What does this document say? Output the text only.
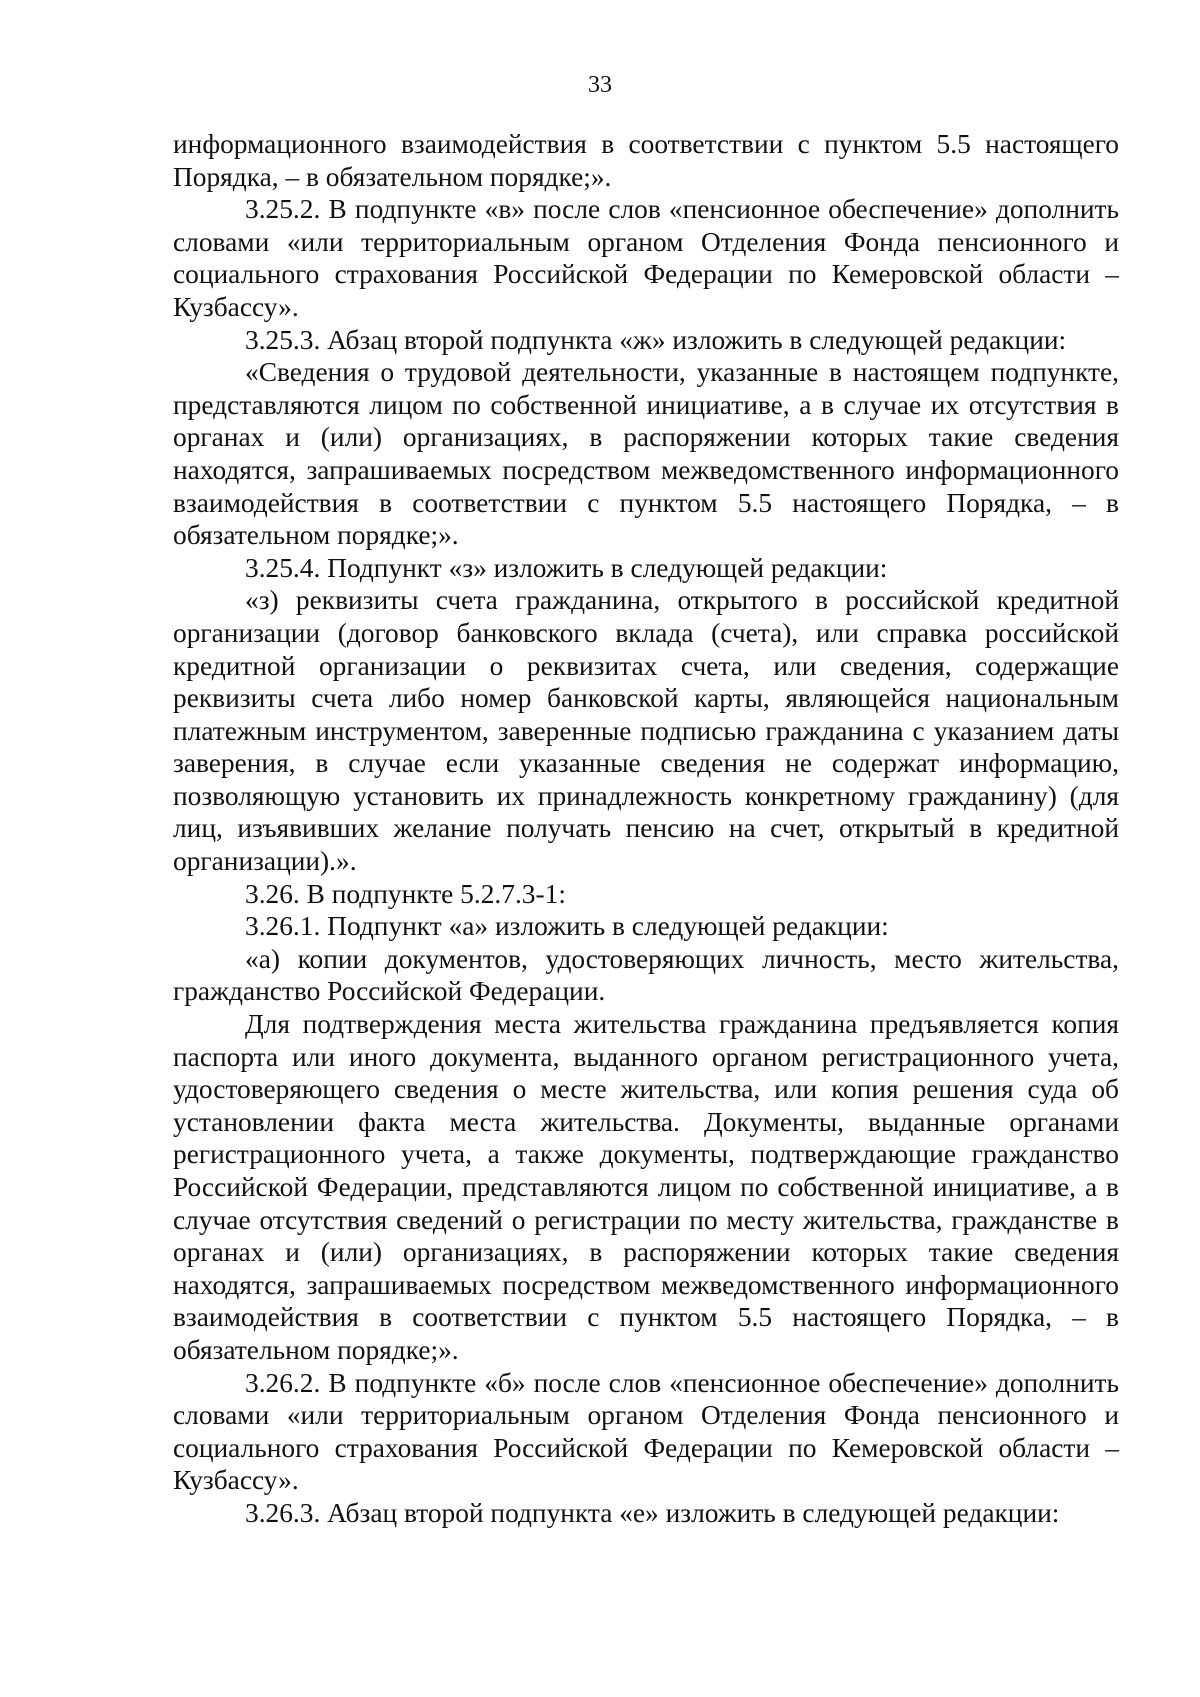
33

информационного взаимодействия в соответствии с пунктом 5.5 настоящего Порядка, – в обязательном порядке;».

3.25.2. В подпункте «в» после слов «пенсионное обеспечение» дополнить словами «или территориальным органом Отделения Фонда пенсионного и социального страхования Российской Федерации по Кемеровской области – Кузбассу».

3.25.3. Абзац второй подпункта «ж» изложить в следующей редакции:

«Сведения о трудовой деятельности, указанные в настоящем подпункте, представляются лицом по собственной инициативе, а в случае их отсутствия в органах и (или) организациях, в распоряжении которых такие сведения находятся, запрашиваемых посредством межведомственного информационного взаимодействия в соответствии с пунктом 5.5 настоящего Порядка, – в обязательном порядке;».

3.25.4. Подпункт «з» изложить в следующей редакции:

«з) реквизиты счета гражданина, открытого в российской кредитной организации (договор банковского вклада (счета), или справка российской кредитной организации о реквизитах счета, или сведения, содержащие реквизиты счета либо номер банковской карты, являющейся национальным платежным инструментом, заверенные подписью гражданина с указанием даты заверения, в случае если указанные сведения не содержат информацию, позволяющую установить их принадлежность конкретному гражданину) (для лиц, изъявивших желание получать пенсию на счет, открытый в кредитной организации).».

3.26. В подпункте 5.2.7.3-1:

3.26.1. Подпункт «а» изложить в следующей редакции:

«а) копии документов, удостоверяющих личность, место жительства, гражданство Российской Федерации.

Для подтверждения места жительства гражданина предъявляется копия паспорта или иного документа, выданного органом регистрационного учета, удостоверяющего сведения о месте жительства, или копия решения суда об установлении факта места жительства. Документы, выданные органами регистрационного учета, а также документы, подтверждающие гражданство Российской Федерации, представляются лицом по собственной инициативе, а в случае отсутствия сведений о регистрации по месту жительства, гражданстве в органах и (или) организациях, в распоряжении которых такие сведения находятся, запрашиваемых посредством межведомственного информационного взаимодействия в соответствии с пунктом 5.5 настоящего Порядка, – в обязательном порядке;».

3.26.2. В подпункте «б» после слов «пенсионное обеспечение» дополнить словами «или территориальным органом Отделения Фонда пенсионного и социального страхования Российской Федерации по Кемеровской области – Кузбассу».

3.26.3. Абзац второй подпункта «е» изложить в следующей редакции:
